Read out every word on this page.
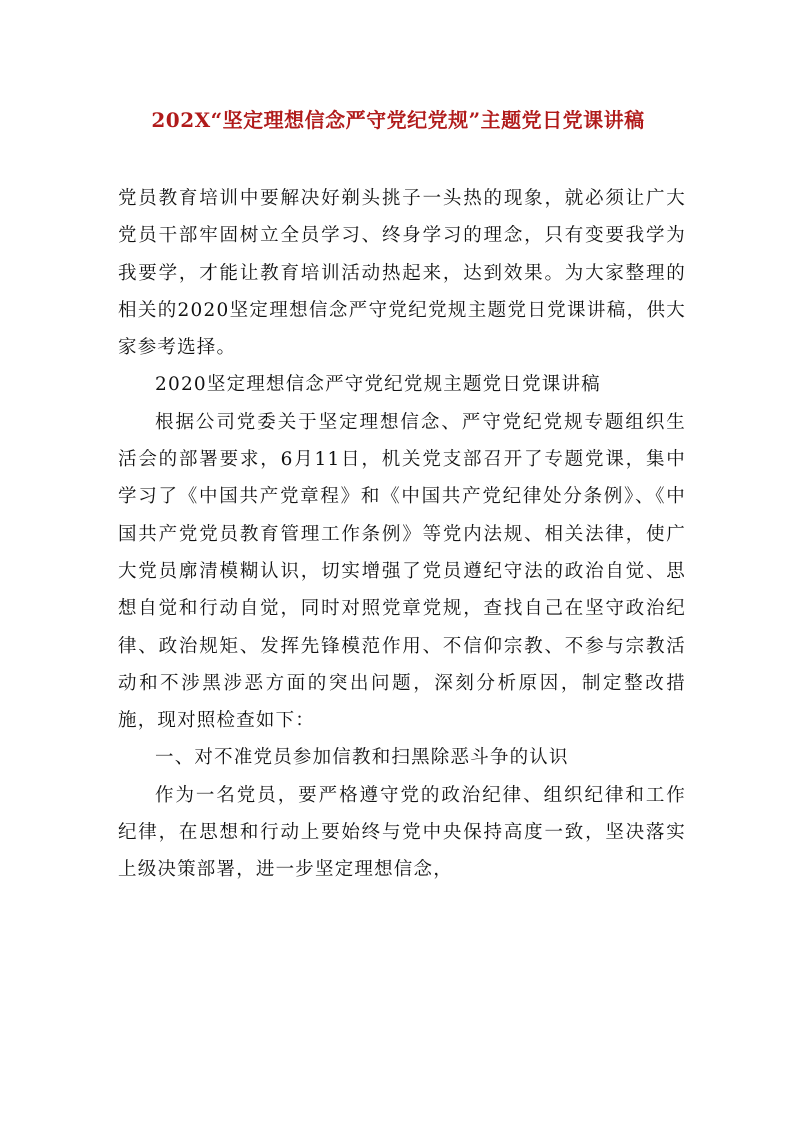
202X“坚定理想信念严守党纪党规”主题党日党课讲稿

党员教育培训中要解决好剃头挑子一头热的现象，就必须让广大党员干部牢固树立全员学习、终身学习的理念，只有变要我学为我要学，才能让教育培训活动热起来，达到效果。为大家整理的相关的2020坚定理想信念严守党纪党规主题党日党课讲稿，供大家参考选择。

2020坚定理想信念严守党纪党规主题党日党课讲稿

根据公司党委关于坚定理想信念、严守党纪党规专题组织生活会的部署要求，6月11日，机关党支部召开了专题党课，集中学习了《中国共产党章程》和《中国共产党纪律处分条例》、《中国共产党党员教育管理工作条例》等党内法规、相关法律，使广大党员廓清模糊认识，切实增强了党员遵纪守法的政治自觉、思想自觉和行动自觉，同时对照党章党规，查找自己在坚守政治纪律、政治规矩、发挥先锋模范作用、不信仰宗教、不参与宗教活动和不涉黑涉恶方面的突出问题，深刻分析原因，制定整改措施，现对照检查如下：

一、对不准党员参加信教和扫黑除恶斗争的认识

作为一名党员，要严格遵守党的政治纪律、组织纪律和工作纪律，在思想和行动上要始终与党中央保持高度一致，坚决落实上级决策部署，进一步坚定理想信念，
